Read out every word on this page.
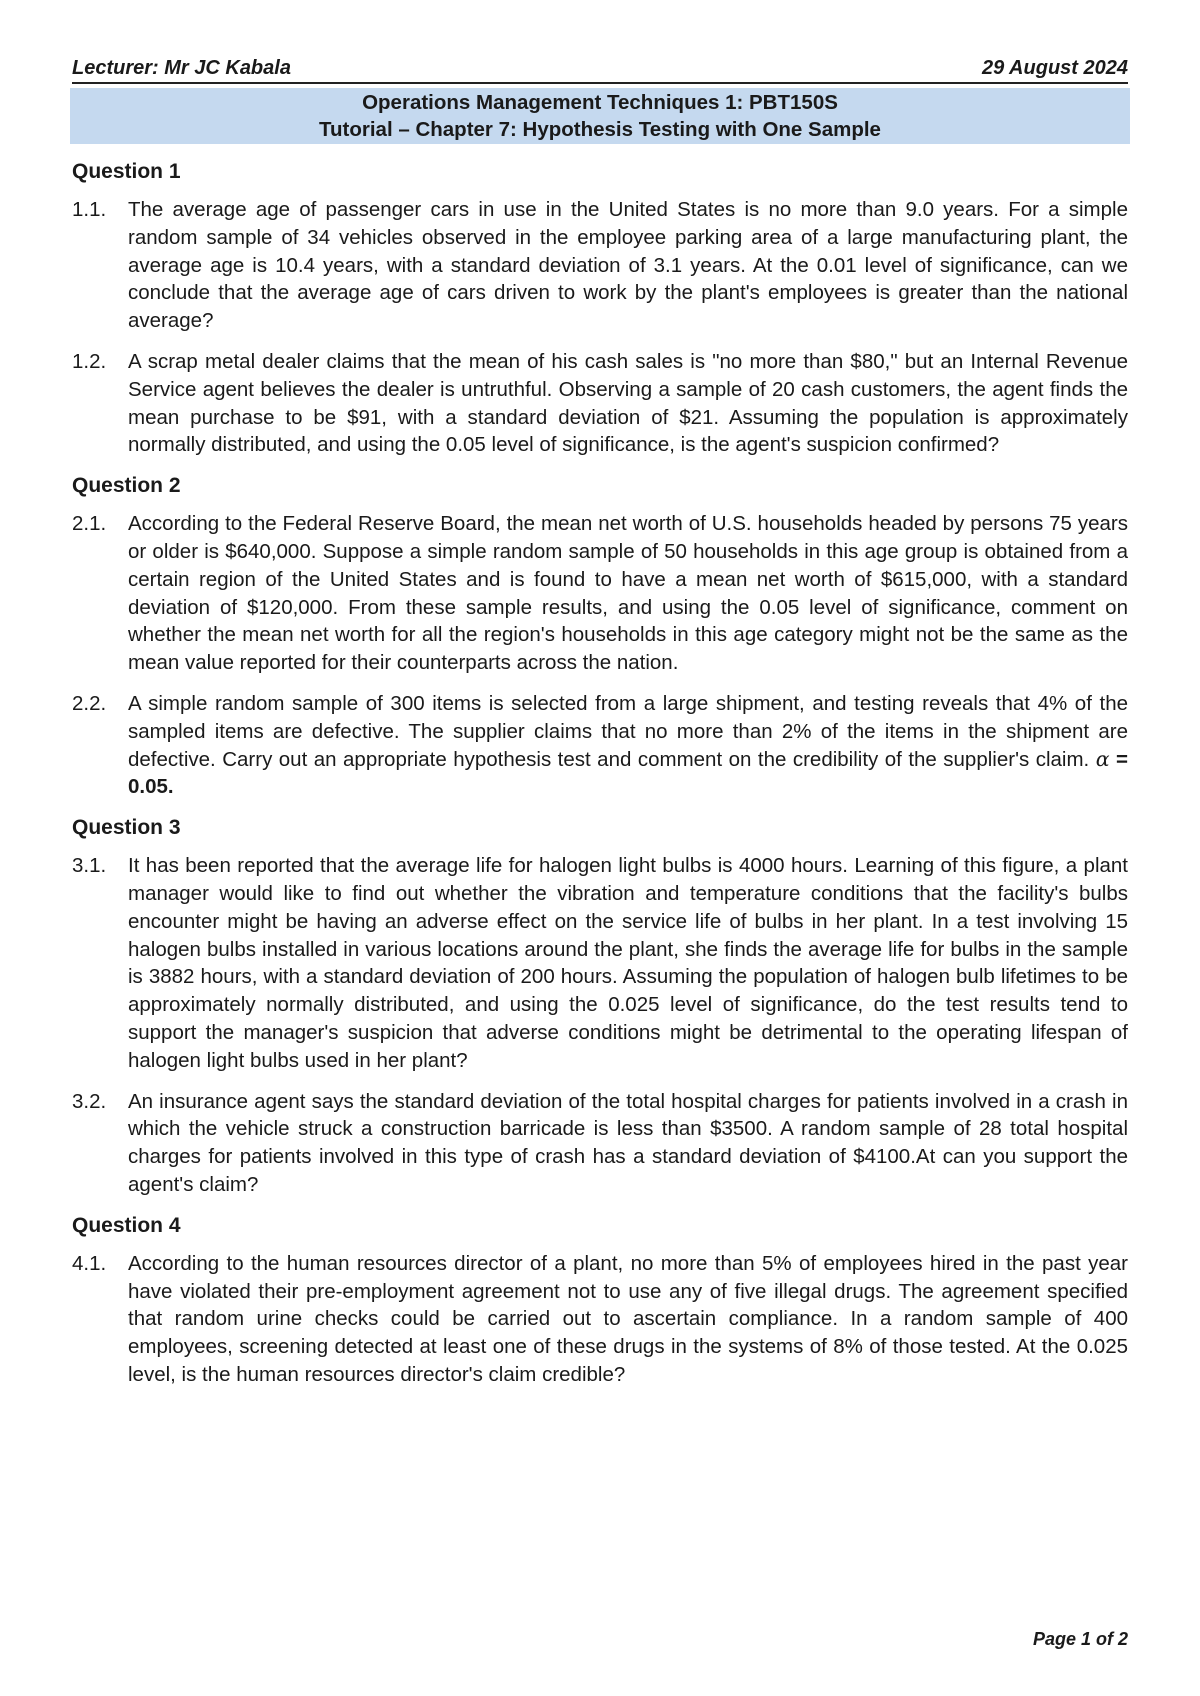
Lecturer: Mr JC Kabala	29 August 2024
Operations Management Techniques 1: PBT150S
Tutorial – Chapter 7: Hypothesis Testing with One Sample
Question 1
1.1.	The average age of passenger cars in use in the United States is no more than 9.0 years. For a simple random sample of 34 vehicles observed in the employee parking area of a large manufacturing plant, the average age is 10.4 years, with a standard deviation of 3.1 years. At the 0.01 level of significance, can we conclude that the average age of cars driven to work by the plant's employees is greater than the national average?
1.2.	A scrap metal dealer claims that the mean of his cash sales is "no more than $80," but an Internal Revenue Service agent believes the dealer is untruthful. Observing a sample of 20 cash customers, the agent finds the mean purchase to be $91, with a standard deviation of $21. Assuming the population is approximately normally distributed, and using the 0.05 level of significance, is the agent's suspicion confirmed?
Question 2
2.1.	According to the Federal Reserve Board, the mean net worth of U.S. households headed by persons 75 years or older is $640,000. Suppose a simple random sample of 50 households in this age group is obtained from a certain region of the United States and is found to have a mean net worth of $615,000, with a standard deviation of $120,000. From these sample results, and using the 0.05 level of significance, comment on whether the mean net worth for all the region's households in this age category might not be the same as the mean value reported for their counterparts across the nation.
2.2.	A simple random sample of 300 items is selected from a large shipment, and testing reveals that 4% of the sampled items are defective. The supplier claims that no more than 2% of the items in the shipment are defective. Carry out an appropriate hypothesis test and comment on the credibility of the supplier's claim. α = 0.05.
Question 3
3.1.	It has been reported that the average life for halogen light bulbs is 4000 hours. Learning of this figure, a plant manager would like to find out whether the vibration and temperature conditions that the facility's bulbs encounter might be having an adverse effect on the service life of bulbs in her plant. In a test involving 15 halogen bulbs installed in various locations around the plant, she finds the average life for bulbs in the sample is 3882 hours, with a standard deviation of 200 hours. Assuming the population of halogen bulb lifetimes to be approximately normally distributed, and using the 0.025 level of significance, do the test results tend to support the manager's suspicion that adverse conditions might be detrimental to the operating lifespan of halogen light bulbs used in her plant?
3.2.	An insurance agent says the standard deviation of the total hospital charges for patients involved in a crash in which the vehicle struck a construction barricade is less than $3500. A random sample of 28 total hospital charges for patients involved in this type of crash has a standard deviation of $4100.At can you support the agent's claim?
Question 4
4.1.	According to the human resources director of a plant, no more than 5% of employees hired in the past year have violated their pre-employment agreement not to use any of five illegal drugs. The agreement specified that random urine checks could be carried out to ascertain compliance. In a random sample of 400 employees, screening detected at least one of these drugs in the systems of 8% of those tested. At the 0.025 level, is the human resources director's claim credible?
Page 1 of 2
